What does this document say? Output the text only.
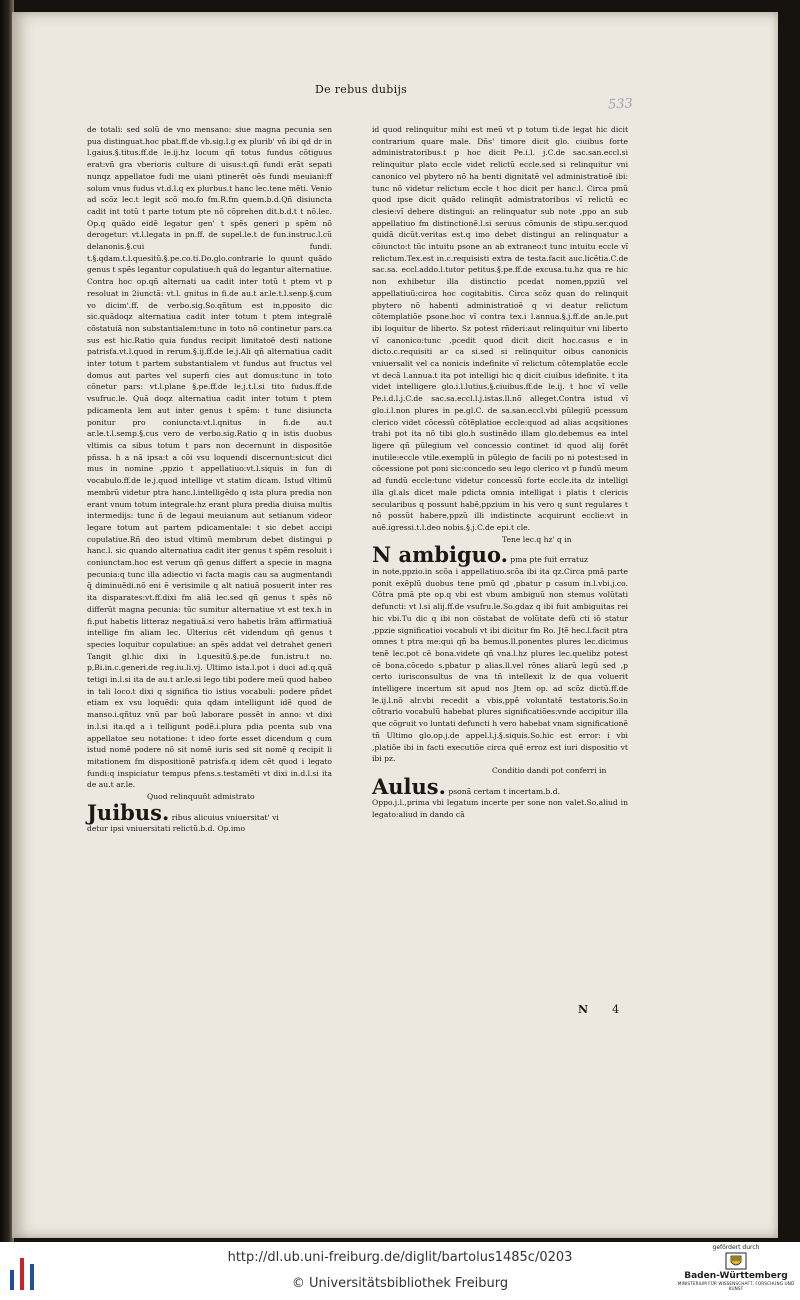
De rebus dubijs
533

de totali: sed solũ de vno mensano: siue magna pecunia sen pua distinguat.hoc pbat.ff.de vb.sig.l.g ex plurib' vñ ibi qd dr in l.gaius.§.titus.ff.de le.ij.hz locum qñ totus fundus cõtiguus erat:vñ gra vberioris culture di uisus:t.qñ fundi erãt sepati nunqz appellatoe fudi me uiani ptinerẽt oẽs fundi meuiani:ff solum vnus fudus vt.d.l.q ex plurbus.t hanc lec.tene mẽti. Venio ad scõz lec.t legit scõ mo.fo fm.R.fm quem.b.d.Qñ disiuncta cadit int totũ t parte totum pte nõ cõprehen dit.b.d.t t nõ.lec. Op.q quãdo eidẽ legatur gen' t spẽs generi p spẽm nõ derogetur: vt.l.legata in pn.ff. de supel.le.t de fun.instruc.l.cũ delanonis.§.cui fundi. t.§.qdam.t.l.quesitũ.§.pe.co.ti.Do.glo.contrarie lo quunt quãdo genus t spẽs legantur copulatiue:h quã do legantur alternatiue. Contra hoc op.qñ alternati ua cadit inter totũ t ptem vt p resoluat in 2iunctã: vt.l. gnitus in fi.de au.t ar.le.t.l.senp.§.cum vo dicim'.ff. de verbo.sig.So.qñtum est in,pposito dic sic.quãdoqz alternatiua cadit inter totum t ptem integralẽ cõstatuiã non substantialem:tunc in toto nõ continetur pars.ca sus est hic.Ratio quia fundus recipit limitatoẽ desti natione patrisfa.vt.l.quod in rerum.§.ij.ff.de le.j.Ali qñ alternatiua cadit inter totum t partem substantialem vt fundus aut fructus vel domus aut partes vel superfi cies aut domus:tunc in toto cõnetur pars: vt.l.plane §.pe.ff.de le.j.t.l.si tito fudus.ff.de vsufruc.le. Quã doqz alternatiua cadit inter totum t ptem pdicamenta lem aut inter genus t spẽm: t tunc disiuncta ponitur pro coniuncta:vt.l.qnitus in fi.de au.t ar.le.t.l.semp.§.cus vero de verbo.sig.Ratio q in istis duobus vltimis ca sibus totum t pars non decernunt in dispositõe pñssa. h a nã ipsa:t a cõi vsu loquendi discernunt:sicut dici mus in nomine ,ppzio t appellatiuo:vt.l.siquis in fun di vocabulo.ff.de le.j.quod intellige vt statim dicam. Istud vltimũ membrũ videtur ptra hanc.l.intelligẽdo q ista plura predia non erant vnum totum integrale:hz erant plura predia diuisa multis intermedijs: tunc ñ de legaui meuianum aut setianum videor legare totum aut partem pdicamentale: t sic debet accipi copulatiue.Rñ deo istud vltimũ membrum debet distingui p hanc.l. sic quando alternatiua cadit iter genus t spẽm resoluit i coniunctam.hoc est verum qñ genus differt a specie in magna pecunia:q tunc illa adiectio vi facta magis cau sa augmentandi q̃ diminuẽdi.nõ eni ẽ verisimile q alt natiuã posuerit inter res ita disparates:vt.ff.dixi fm aliã lec.sed qñ genus t spẽs nõ differũt magna pecunia: tũc sumitur alternatiue vt est tex.h in fi.put habetis litteraz negatiuã.si vero habetis lrãm affirmatiuã intellige fm aliam lec. Ulterius cẽt videndum qñ genus t species loquitur copulatiue: an spẽs addat vel detrahet generi Tangit gl.hic dixi in l.quesitũ.§.pe.de fun.istru.t no. p,Bi.in.c.generi.de reg.iu.li.vj. Ultimo ista.l.pot i duci ad.q.quã tetigi in.l.si ita de au.t ar.le.si lego tibi podere meũ quod habeo in tali loco.t dixi q significa tio istius vocabuli: podere pñdet etiam ex vsu loquẽdi: quia qdam intelligunt idẽ quod de manso.i.qñtuz vnũ par boũ laborare possẽt in anno: vt dixi in.l.si ita.qd a i telligunt podẽ.i.plura pdia pcenta sub vna appellatoe seu notatione: t ideo forte esset dicendum q cum istud nomẽ podere nõ sit nomẽ iuris sed sit nomẽ q recipit li mitationem fm dispositionẽ patrisfa.q idem cẽt quod i legato fundi:q inspiciatur tempus pfens.s.testamẽti vt dixi in.d.l.si ita de au.t ar.le.

Quod relinquuñt admistrato

Juibus. ribus alicuius vniuersitat' vi

detur ipsi vniuersitati relictũ.b.d. Op.imo

id quod relinquitur mihi est meũ vt p totum ti.de legat hic dicit contrarium quare male. Dñs' timore dicit glo. ciuibus forte administratoribus.t p hoc dicit Pe.i.l. j.C.de sac.san.eccl.si relinquitur plato eccle videt relictũ eccle.sed si relinquitur vni canonico vel pbytero nõ ha benti dignitatẽ vel administratioẽ ibi: tunc nõ videtur relictum eccle t hoc dicit per hanc.l. Circa pmũ quod ipse dicit quãdo relinqñt admistratoribus vĩ relictũ ec clesie:vĩ debere distingui: an relinquatur sub note ,ppo an sub appellatiuo fm distinctionẽ.l.si seruus cõmunis de stipu.ser.quod quidã dicũt.veritas est.q imo debet distingui an relinquatur a cõiuncto:t tũc intuitu psone an ab extraneo:t tunc intuitu eccle vĩ relictum.Tex.est in.c.requisisti extra de testa.facit auc.licẽtia.C.de sac.sa. eccl.addo.l.tutor petitus.§.pe.ff.de excusa.tu.hz qua re hic non exhibetur illa distinctio pcedat nomen,ppziũ vel appellatiuũ:circa hoc cogitabitis. Circa scõz quan do relinquit pbytero nõ habenti administratioẽ q vi deatur relictum cõtemplatiõe psone.hoc vĩ contra tex.i l.annua.§.j.ff.de an.le.put ibi loquitur de liberto. Sz potest rñderi:aut relinquitur vni liberto vĩ canonico:tunc ,pcedit quod dicit dicit hoc.casus e in dicto.c.requisiti ar ca si.sed si relinquitur oibus canonicis vniuersalit vel ca nonicis indefinite vĩ relictum cõtemplatõe eccle vt decã l.annua.t ita pot intelligi hic q dicit ciuibus idefinite. t ita videt intelligere glo.i.l.lutius.§.ciuibus.ff.de le.ij. t hoc vĩ velle Pe.i.d.l.j.C.de sac.sa.eccl.l.j.istas.ll.nõ alleget.Contra istud vĩ glo.i.l.non plures in pe.gl.C. de sa.san.eccl.vbi pũlegiũ pcessum clerico videt cõcessũ cõtẽplatioe eccle:quod ad alias acqsitiones trahi pot ita nõ tibi glo.h sustinẽdo illam glo.debemus ea intel ligere qñ pũlegium vel concessio continet id quod alij forẽt inutile:eccle vtile.exemplũ in pũlegio de facili po ni potest:sed in cõcessione pot poni sic:concedo seu lego clerico vt p fundũ meum ad fundũ eccle:tunc videtur concessũ forte eccle.ita dz intelligi illa gl.als dicet male pdicta omnia intelligat i platis t clericis secularibus q possunt habẽ,ppzium in his vero q sunt regulares t nõ possũt habere,ppzũ illi indistincte acquirunt ecclie:vt in auẽ.igressi.t.l.deo nobis.§.j.C.de epi.t cle.

Tene lec.q hz' q in

N ambiguo. pma pte fuit erratuz

in note,ppzio.in scõa i appellatiuo.scõa ibi ita qz.Circa pmã parte ponit exẽplũ duobus tene pmũ qd ,pbatur p casum in.l.vbi.j.co. Cõtra pmã pte op.q vbi est vbum ambiguũ non stemus volũtati defuncti: vt l.si alij.ff.de vsufru.le.So.gdaz q ibi fuit ambiguitas rei hic vbi.Tu dic q ibi non cõstabat de volũtate defũ cti iõ statur ,ppzie significatioi vocabuli vt ibi dicitur fm Ro. Jtẽ hec.l.facit ptra omnes t ptra me:qui qñ ba bemus.ll.ponentes plures lec.dicimus tenẽ lec.pot cẽ bona.videte qñ vna.l.hz plures lec.quelibz potest cẽ bona.cõcedo s.pbatur p alias.ll.vel rõnes aliarũ legũ sed ,p certo iurisconsultus de vna tñ intellexit lz de qua voluerit intelligere incertum sit apud nos Jtem op. ad scõz dictũ.ff.de le.ij.l.nõ alr.vbi recedit a vbis,ppẽ voluntatẽ testatoris.So.in cõtrario vocabulũ habebat plures significatiões:vnde accipitur illa que cõgruit vo luntati defuncti h vero habebat vnam significationẽ tñ Ultimo glo.op.j.de appel.l.j.§.siquis.So.hic est error: i vbi ,platiõe ibi in facti executiõe circa quẽ erroz est iuri dispositio vt ibi pz.

Conditio dandi pot conferri in

Aulus. psonã certam t incertam.b.d.

Oppo.j.l.,prima vbi legatum incerte per sone non valet.So.aliud in legato:aliud in dando cã

N 4
http://dl.ub.uni-freiburg.de/diglit/bartolus1485c/0203
© Universitätsbibliothek Freiburg
gefördert durch
Baden-Württemberg
MINISTERIUM FÜR WISSENSCHAFT, FORSCHUNG UND KUNST
